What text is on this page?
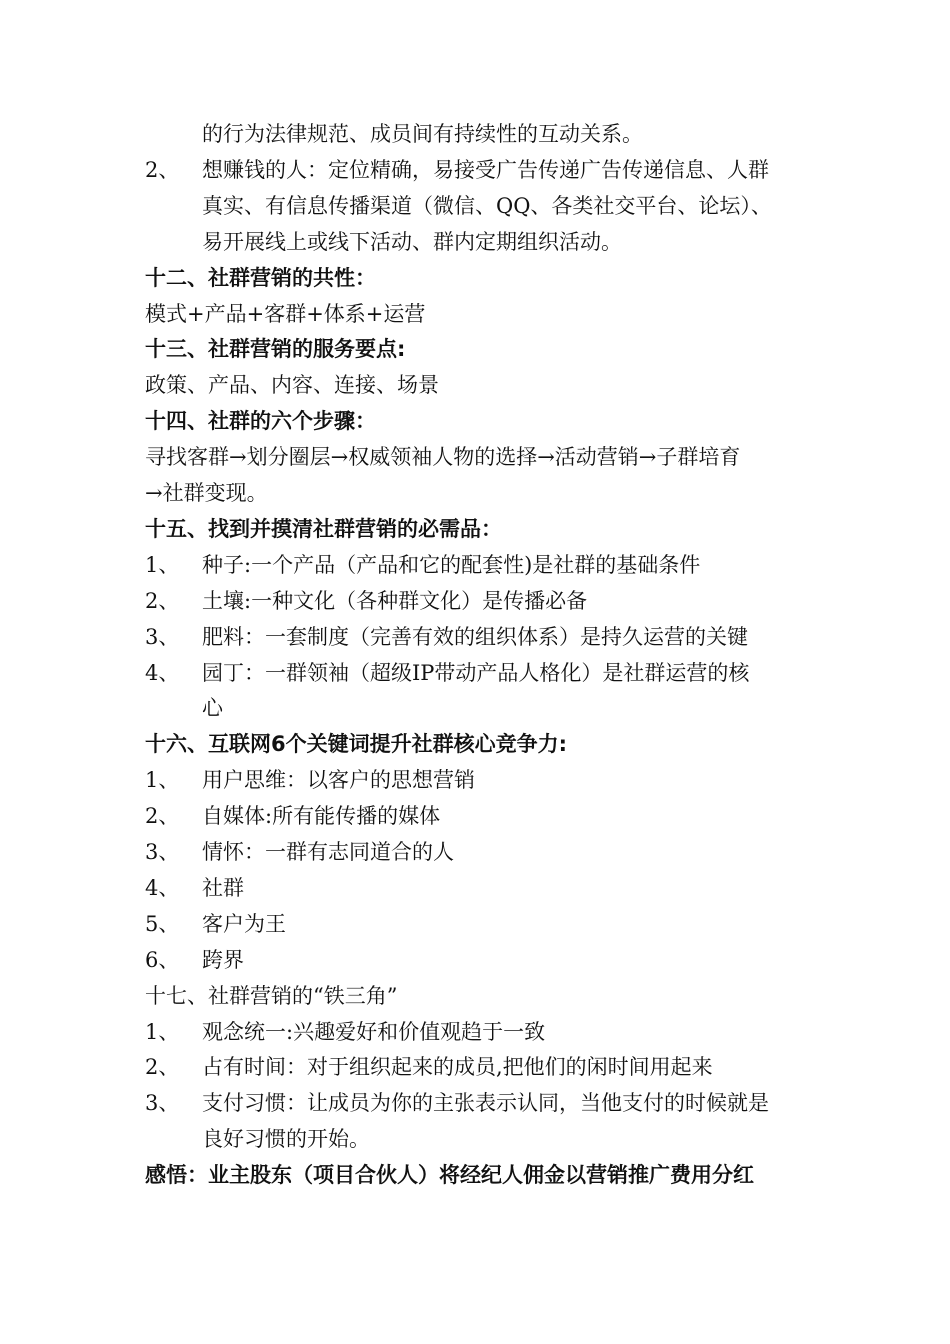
的行为法律规范、成员间有持续性的互动关系。
2、 想赚钱的人：定位精确，易接受广告传递广告传递信息、人群
真实、有信息传播渠道（微信、QQ、各类社交平台、论坛）、
易开展线上或线下活动、群内定期组织活动。
十二、社群营销的共性：
模式+产品+客群+体系+运营
十三、社群营销的服务要点:
政策、产品、内容、连接、场景
十四、社群的六个步骤：
寻找客群→划分圈层→权威领袖人物的选择→活动营销→子群培育
→社群变现。
十五、找到并摸清社群营销的必需品：
1、 种子:一个产品（产品和它的配套性)是社群的基础条件
2、 土壤:一种文化（各种群文化）是传播必备
3、 肥料：一套制度（完善有效的组织体系）是持久运营的关键
4、 园丁：一群领袖（超级IP带动产品人格化）是社群运营的核
心
十六、互联网6个关键词提升社群核心竞争力:
1、 用户思维：以客户的思想营销
2、 自媒体:所有能传播的媒体
3、 情怀：一群有志同道合的人
4、 社群
5、 客户为王
6、 跨界
十七、社群营销的“铁三角”
1、 观念统一:兴趣爱好和价值观趋于一致
2、 占有时间：对于组织起来的成员,把他们的闲时间用起来
3、 支付习惯：让成员为你的主张表示认同，当他支付的时候就是
良好习惯的开始。
感悟：业主股东（项目合伙人）将经纪人佣金以营销推广费用分红
